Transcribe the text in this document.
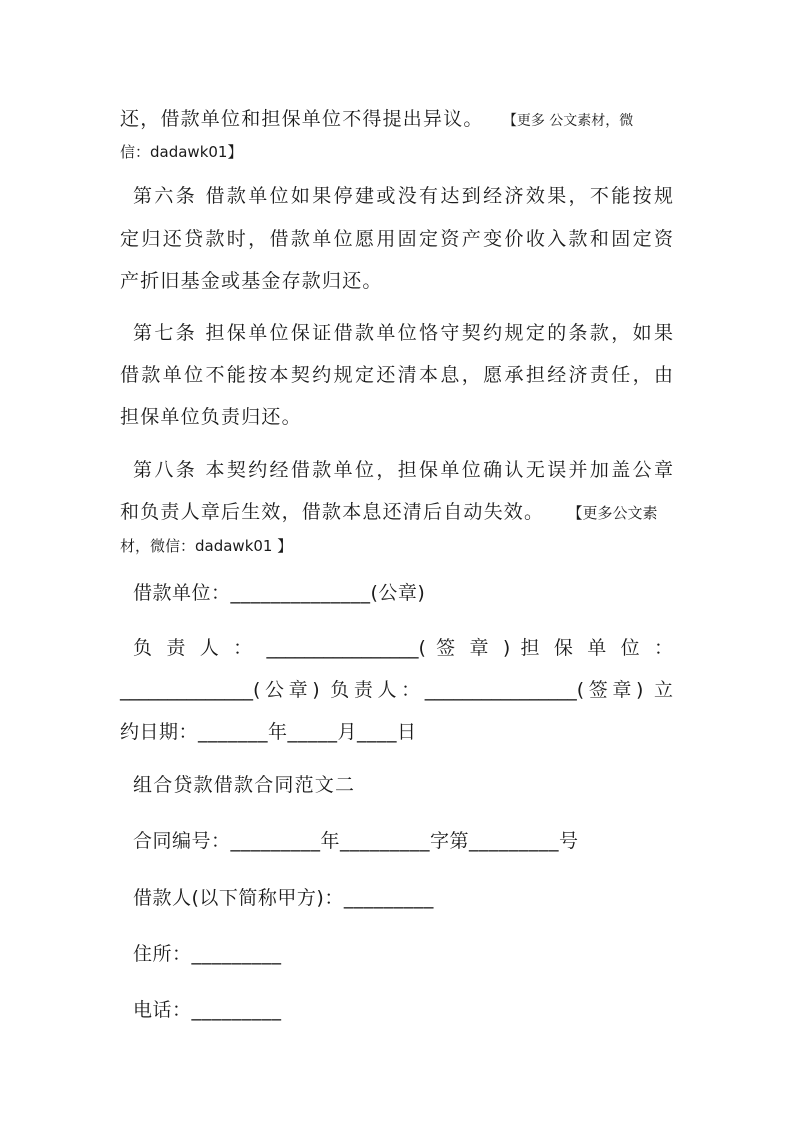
还，借款单位和担保单位不得提出异议。 【更多 公文素材，微
信：dadawk01】
第六条 借款单位如果停建或没有达到经济效果，不能按规
定归还贷款时，借款单位愿用固定资产变价收入款和固定资
产折旧基金或基金存款归还。
第七条 担保单位保证借款单位恪守契约规定的条款，如果
借款单位不能按本契约规定还清本息，愿承担经济责任，由
担保单位负责归还。
第八条 本契约经借款单位，担保单位确认无误并加盖公章
和负责人章后生效，借款本息还清后自动失效。 【更多公文素
材，微信：dadawk01 】
借款单位：______________(公章)
负 责 人 ： ________________( 签 章 ) 担 保 单 位 ：
______________(公章) 负责人：________________(签章) 立
约日期：_______年_____月____日
组合贷款借款合同范文二
合同编号：_________年_________字第_________号
借款人(以下简称甲方)：_________
住所：_________
电话：_________
